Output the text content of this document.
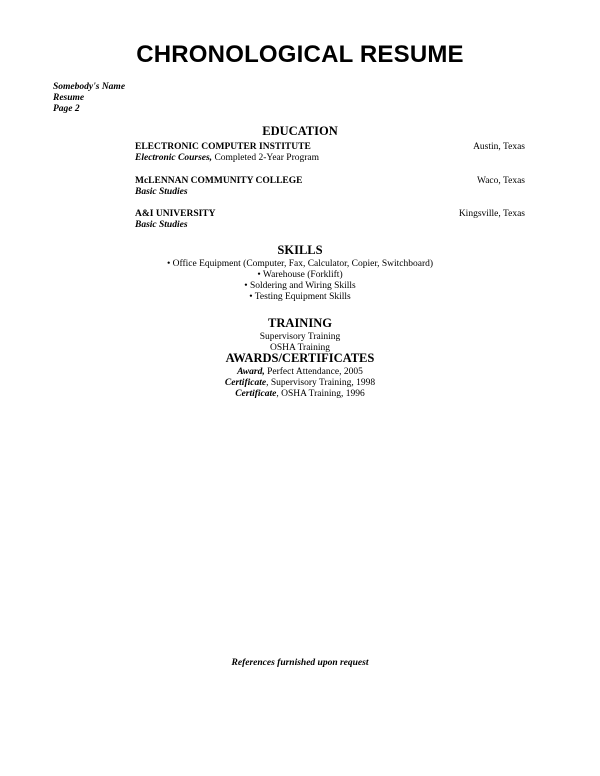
CHRONOLOGICAL RESUME
Somebody's Name
Resume
Page 2
EDUCATION
ELECTRONIC COMPUTER INSTITUTE	Austin, Texas
Electronic Courses, Completed 2-Year Program
McLENNAN COMMUNITY COLLEGE	Waco, Texas
Basic Studies
A&I UNIVERSITY	Kingsville, Texas
Basic Studies
SKILLS
• Office Equipment (Computer, Fax, Calculator, Copier, Switchboard)
• Warehouse (Forklift)
• Soldering and Wiring Skills
• Testing Equipment Skills
TRAINING
Supervisory Training
OSHA Training
AWARDS/CERTIFICATES
Award, Perfect Attendance, 2005
Certificate, Supervisory Training, 1998
Certificate, OSHA Training, 1996
References furnished upon request
